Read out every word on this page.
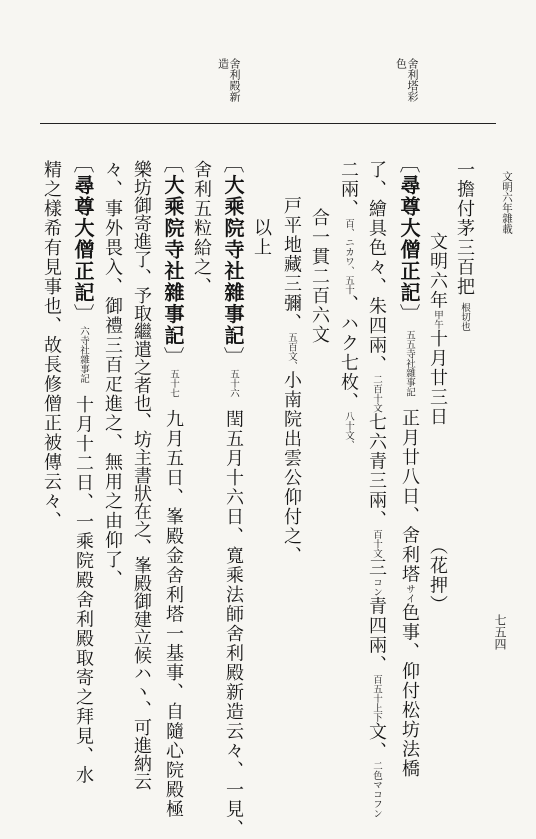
文明六年雜載
七五四
舍利塔彩
色
舍利殿新
造
一擔付茅三百把根切也
文明六年甲午十月廿三日（花押）
〔尋尊大僧正記〕五五寺社雜事記正月廿八日、舍利塔サイ色事、仰付松坊法橋
了、繪具色々、朱四兩、二百十文七六青三兩、百十文三コン青四兩、百五十上下文、二色マコフン
二兩、百、ニカワ、五十、ハク七枚、八十文、
合一貫二百六文
戸平地藏三彌、五百文、小南院出雲公仰付之、
以上
〔大乘院寺社雜事記〕五十六閏五月十六日、寬乘法師舍利殿新造云々、一見、
舍利五粒給之、
〔大乘院寺社雜事記〕五十七九月五日、峯殿金舍利塔一基事、自隨心院殿極
樂坊御寄進了、予取繼遣之者也、坊主書狀在之、峯殿御建立候ハヽ、可進納云
々、事外畏入、御禮三百疋進之、無用之由仰了、
〔尋尊大僧正記〕六寺社雜事記十月十二日、一乘院殿舍利殿取寄之拜見、水
精之樣希有見事也、故長修僧正被傳云々、
